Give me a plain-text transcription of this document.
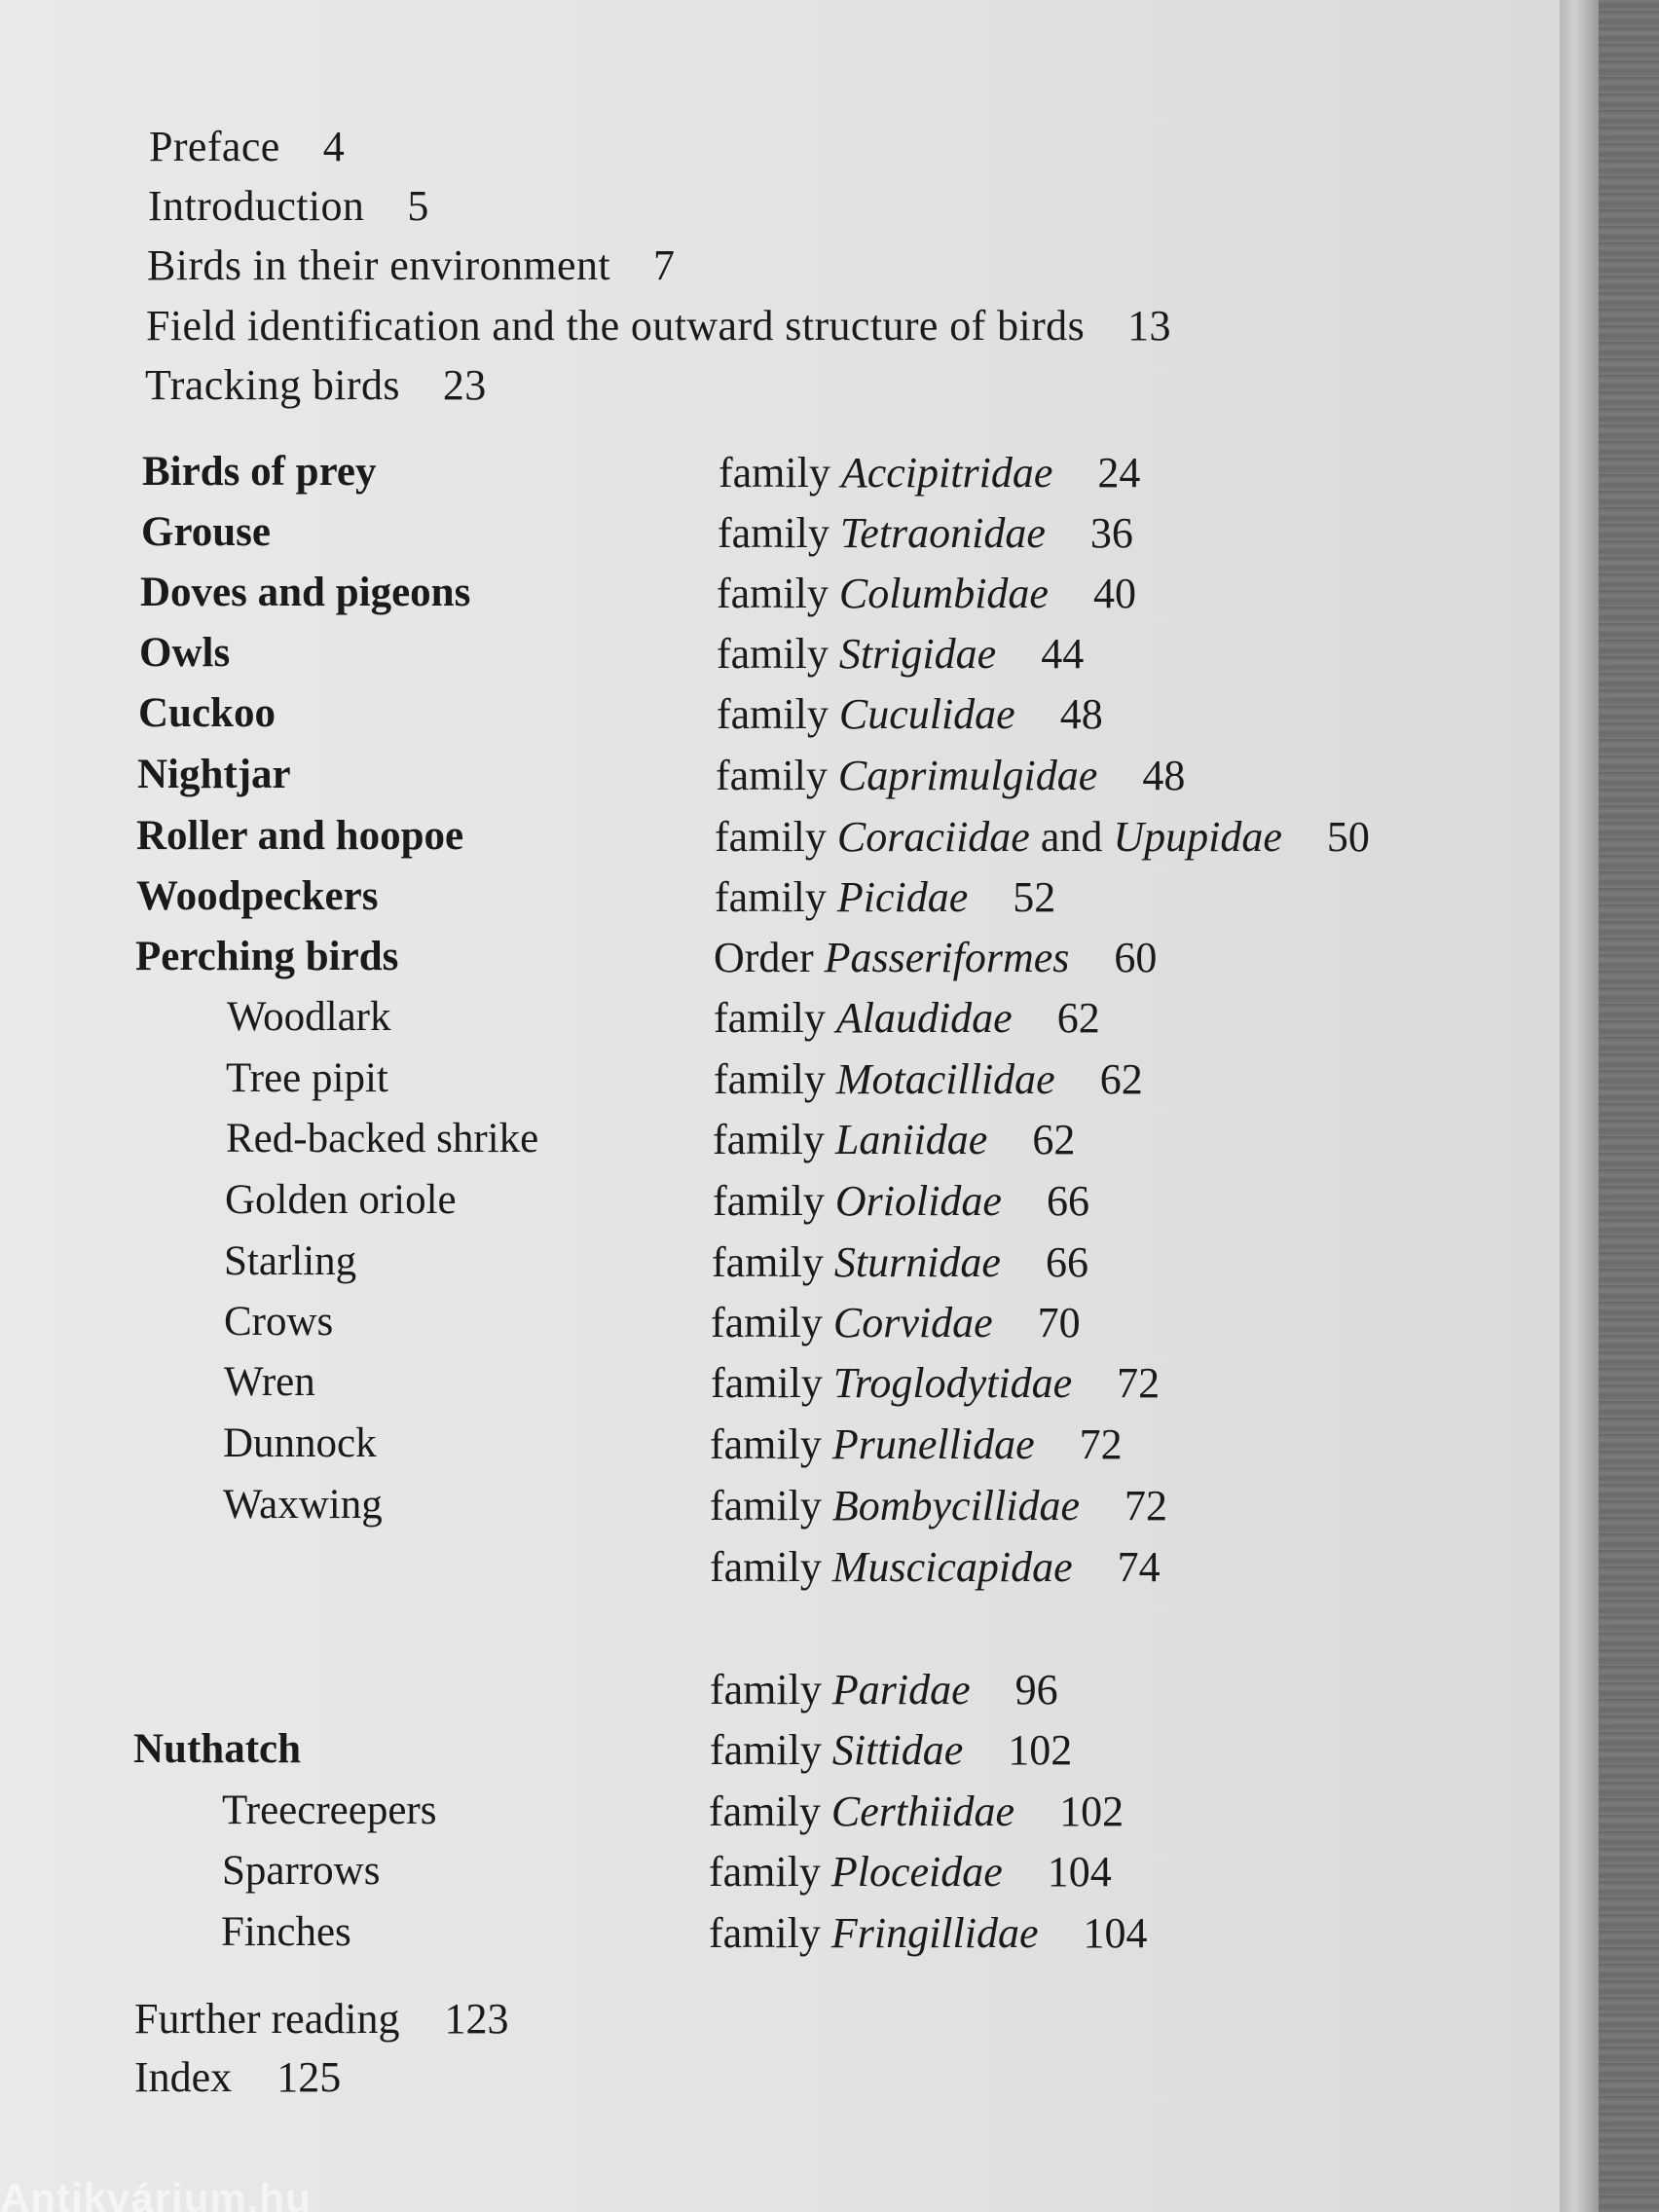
Preface 4
Introduction 5
Birds in their environment 7
Field identification and the outward structure of birds 13
Tracking birds 23
Birds of prey	family Accipitridae 24
Grouse	family Tetraonidae 36
Doves and pigeons	family Columbidae 40
Owls	family Strigidae 44
Cuckoo	family Cuculidae 48
Nightjar	family Caprimulgidae 48
Roller and hoopoe	family Coraciidae and Upupidae 50
Woodpeckers	family Picidae 52
Perching birds	Order Passeriformes 60
Woodlark	family Alaudidae 62
Tree pipit	family Motacillidae 62
Red-backed shrike	family Laniidae 62
Golden oriole	family Oriolidae 66
Starling	family Sturnidae 66
Crows	family Corvidae 70
Wren	family Troglodytidae 72
Dunnock	family Prunellidae 72
Waxwing	family Bombycillidae 72
family Muscicapidae 74
family Paridae 96
Nuthatch	family Sittidae 102
Treecreepers	family Certhiidae 102
Sparrows	family Ploceidae 104
Finches	family Fringillidae 104
Further reading 123
Index 125
Antikvárium.hu
